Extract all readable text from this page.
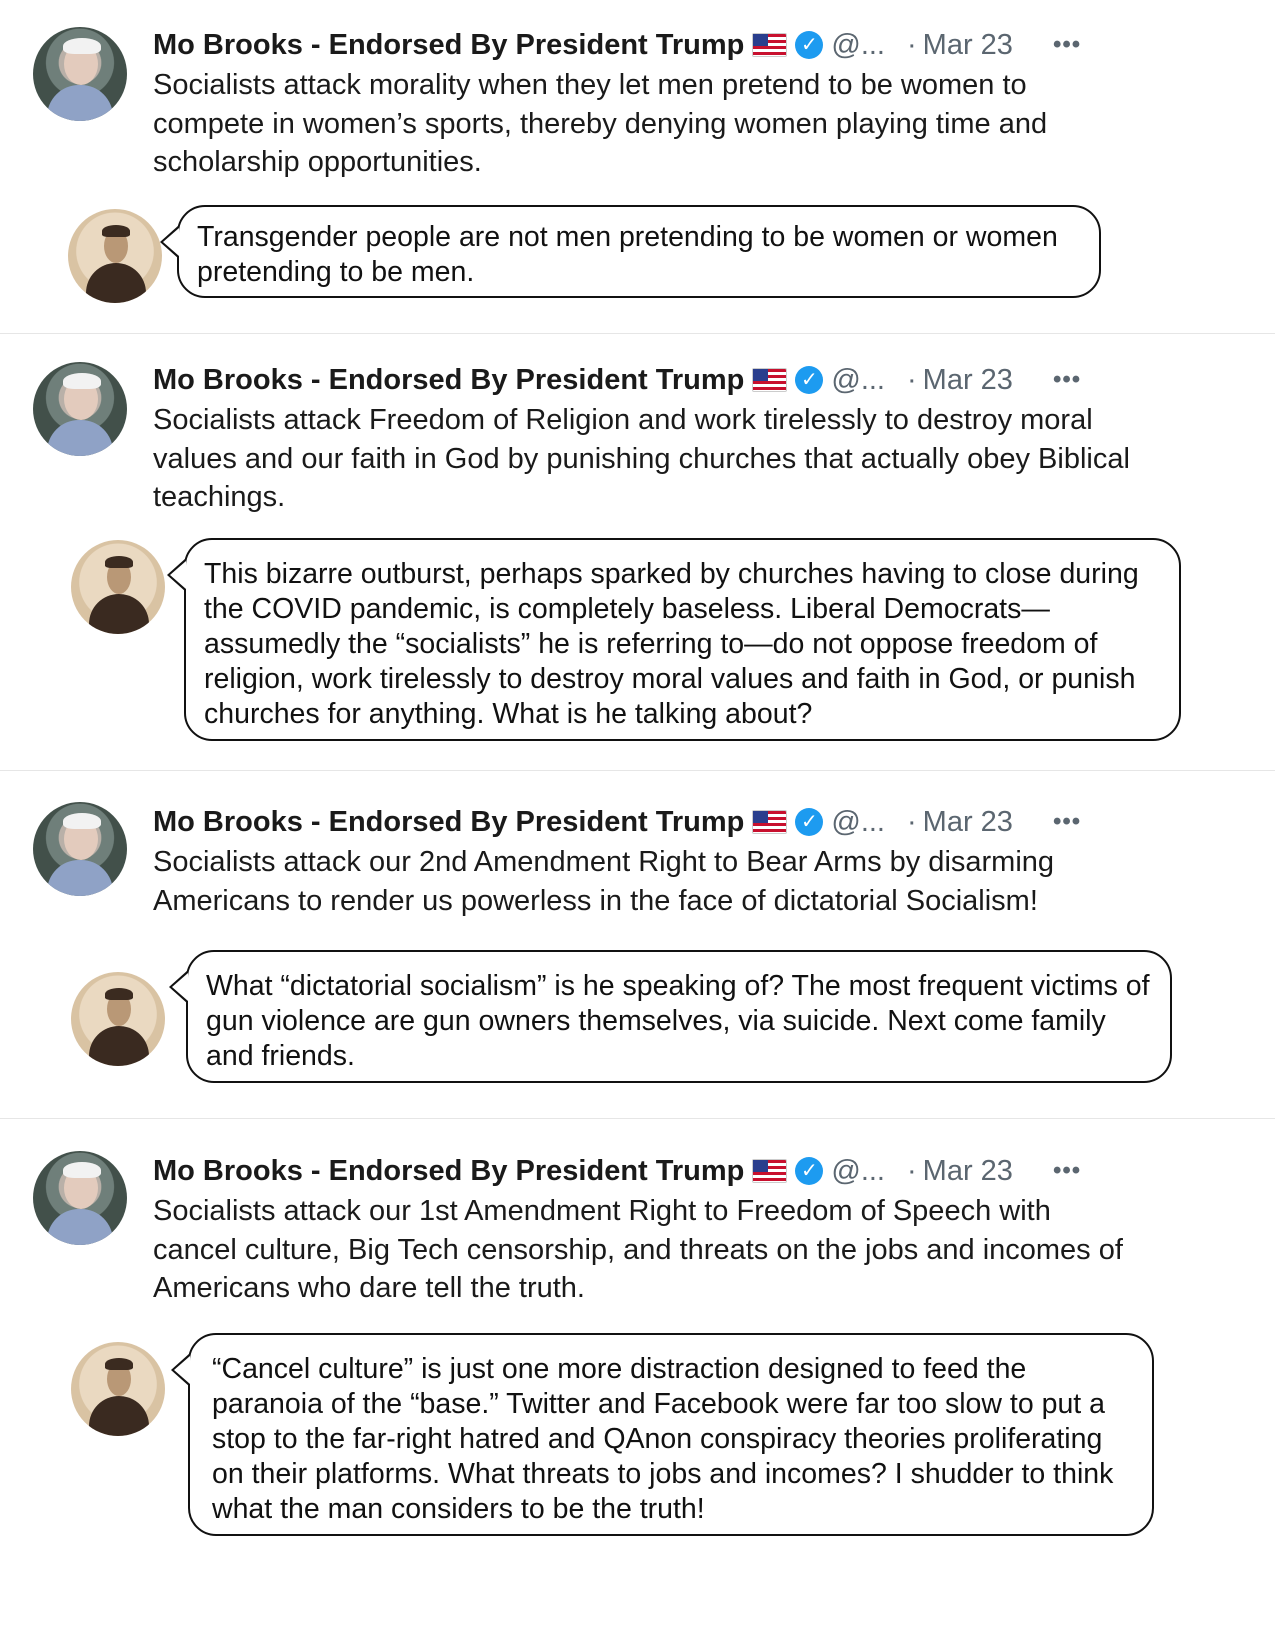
Mo Brooks - Endorsed By President Trump	✓ @... · Mar 23 •••
Socialists attack morality when they let men pretend to be women to compete in women’s sports, thereby denying women playing time and scholarship opportunities.
Transgender people are not men pretending to be women or women pretending to be men.
Mo Brooks - Endorsed By President Trump	✓ @... · Mar 23 •••
Socialists attack Freedom of Religion and work tirelessly to destroy moral values and our faith in God by punishing churches that actually obey Biblical teachings.
This bizarre outburst, perhaps sparked by churches having to close during the COVID pandemic, is completely baseless. Liberal Democrats—assumedly the “socialists” he is referring to—do not oppose freedom of religion, work tirelessly to destroy moral values and faith in God, or punish churches for anything. What is he talking about?
Mo Brooks - Endorsed By President Trump	✓ @... · Mar 23 •••
Socialists attack our 2nd Amendment Right to Bear Arms by disarming Americans to render us powerless in the face of dictatorial Socialism!
What “dictatorial socialism” is he speaking of? The most frequent victims of gun violence are gun owners themselves, via suicide. Next come family and friends.
Mo Brooks - Endorsed By President Trump	✓ @... · Mar 23 •••
Socialists attack our 1st Amendment Right to Freedom of Speech with cancel culture, Big Tech censorship, and threats on the jobs and incomes of Americans who dare tell the truth.
“Cancel culture” is just one more distraction designed to feed the paranoia of the “base.” Twitter and Facebook were far too slow to put a stop to the far-right hatred and QAnon conspiracy theories proliferating on their platforms. What threats to jobs and incomes? I shudder to think what the man considers to be the truth!
